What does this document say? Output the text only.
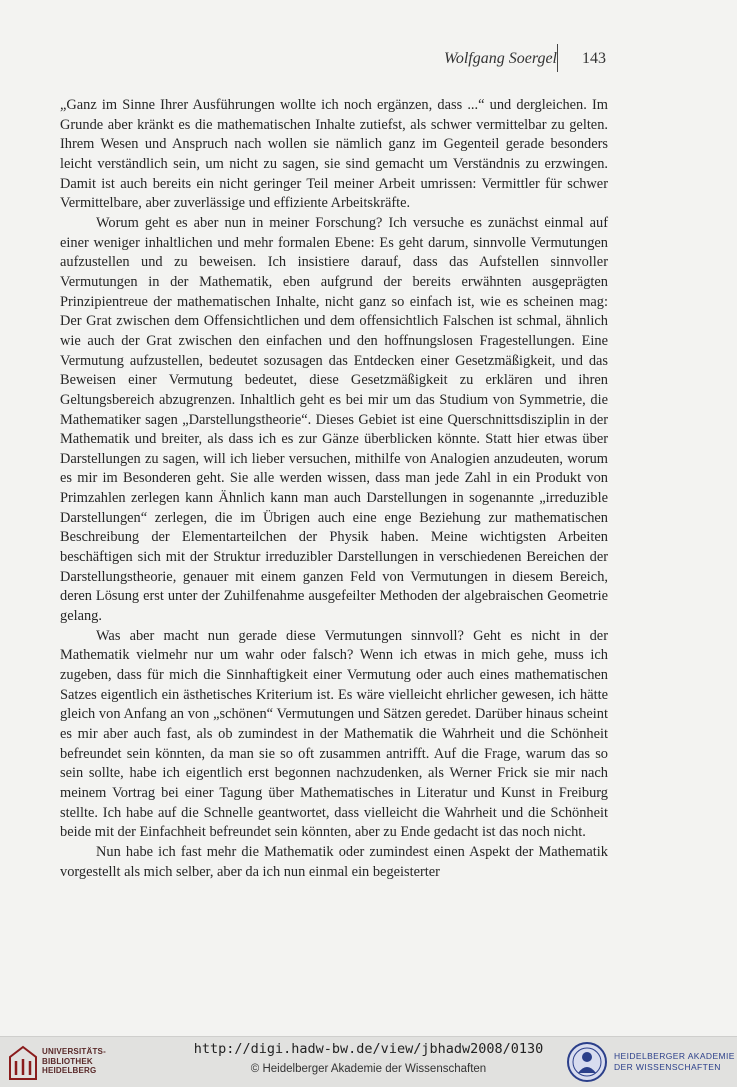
Wolfgang Soergel 143

„Ganz im Sinne Ihrer Ausführungen wollte ich noch ergänzen, dass ...“ und dergleichen. Im Grunde aber kränkt es die mathematischen Inhalte zutiefst, als schwer vermittelbar zu gelten. Ihrem Wesen und Anspruch nach wollen sie nämlich ganz im Gegenteil gerade besonders leicht verständlich sein, um nicht zu sagen, sie sind gemacht um Verständnis zu erzwingen. Damit ist auch bereits ein nicht geringer Teil meiner Arbeit umrissen: Vermittler für schwer Vermittelbare, aber zuverlässige und effiziente Arbeitskräfte.

Worum geht es aber nun in meiner Forschung? Ich versuche es zunächst einmal auf einer weniger inhaltlichen und mehr formalen Ebene: Es geht darum, sinnvolle Vermutungen aufzustellen und zu beweisen. Ich insistiere darauf, dass das Aufstellen sinnvoller Vermutungen in der Mathematik, eben aufgrund der bereits erwähnten ausgeprägten Prinzipientreue der mathematischen Inhalte, nicht ganz so einfach ist, wie es scheinen mag: Der Grat zwischen dem Offensichtlichen und dem offensichtlich Falschen ist schmal, ähnlich wie auch der Grat zwischen den einfachen und den hoffnungslosen Fragestellungen. Eine Vermutung aufzustellen, bedeutet sozusagen das Entdecken einer Gesetzmäßigkeit, und das Beweisen einer Vermutung bedeutet, diese Gesetzmäßigkeit zu erklären und ihren Geltungsbereich abzugrenzen. Inhaltlich geht es bei mir um das Studium von Symmetrie, die Mathematiker sagen „Darstellungstheorie“. Dieses Gebiet ist eine Querschnittsdisziplin in der Mathematik und breiter, als dass ich es zur Gänze überblicken könnte. Statt hier etwas über Darstellungen zu sagen, will ich lieber versuchen, mithilfe von Analogien anzudeuten, worum es mir im Besonderen geht. Sie alle werden wissen, dass man jede Zahl in ein Produkt von Primzahlen zerlegen kann Ähnlich kann man auch Darstellungen in sogenannte „irreduzible Darstellungen“ zerlegen, die im Übrigen auch eine enge Beziehung zur mathematischen Beschreibung der Elementarteilchen der Physik haben. Meine wichtigsten Arbeiten beschäftigen sich mit der Struktur irreduzibler Darstellungen in verschiedenen Bereichen der Darstellungstheorie, genauer mit einem ganzen Feld von Vermutungen in diesem Bereich, deren Lösung erst unter der Zuhilfenahme ausgefeilter Methoden der algebraischen Geometrie gelang.

Was aber macht nun gerade diese Vermutungen sinnvoll? Geht es nicht in der Mathematik vielmehr nur um wahr oder falsch? Wenn ich etwas in mich gehe, muss ich zugeben, dass für mich die Sinnhaftigkeit einer Vermutung oder auch eines mathematischen Satzes eigentlich ein ästhetisches Kriterium ist. Es wäre vielleicht ehrlicher gewesen, ich hätte gleich von Anfang an von „schönen“ Vermutungen und Sätzen geredet. Darüber hinaus scheint es mir aber auch fast, als ob zumindest in der Mathematik die Wahrheit und die Schönheit befreundet sein könnten, da man sie so oft zusammen antrifft. Auf die Frage, warum das so sein sollte, habe ich eigentlich erst begonnen nachzudenken, als Werner Frick sie mir nach meinem Vortrag bei einer Tagung über Mathematisches in Literatur und Kunst in Freiburg stellte. Ich habe auf die Schnelle geantwortet, dass vielleicht die Wahrheit und die Schönheit beide mit der Einfachheit befreundet sein könnten, aber zu Ende gedacht ist das noch nicht.

Nun habe ich fast mehr die Mathematik oder zumindest einen Aspekt der Mathematik vorgestellt als mich selber, aber da ich nun einmal ein begeisterter

UNIVERSITÄTS-
BIBLIOTHEK
HEIDELBERG
http://digi.hadw-bw.de/view/jbhadw2008/0130
© Heidelberger Akademie der Wissenschaften
HEIDELBERGER AKADEMIE
DER WISSENSCHAFTEN
